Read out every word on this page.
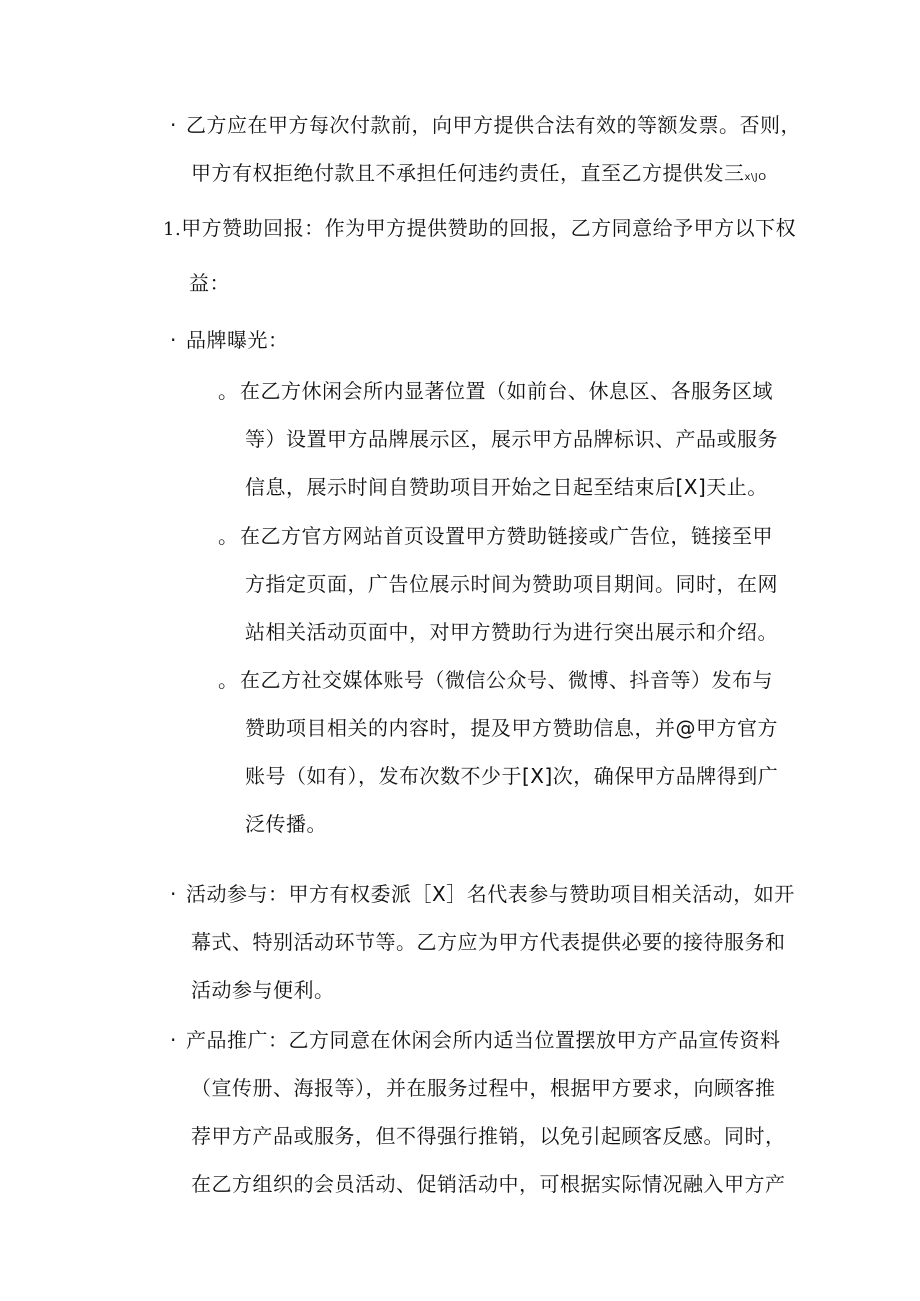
· 乙方应在甲方每次付款前，向甲方提供合法有效的等额发票。否则，
甲方有权拒绝付款且不承担任何违约责任，直至乙方提供发三x\JO
1.甲方赞助回报：作为甲方提供赞助的回报，乙方同意给予甲方以下权
益：
· 品牌曝光：
。在乙方休闲会所内显著位置（如前台、休息区、各服务区域
等）设置甲方品牌展示区，展示甲方品牌标识、产品或服务
信息，展示时间自赞助项目开始之日起至结束后[X]天止。
。在乙方官方网站首页设置甲方赞助链接或广告位，链接至甲
方指定页面，广告位展示时间为赞助项目期间。同时，在网
站相关活动页面中，对甲方赞助行为进行突出展示和介绍。
。在乙方社交媒体账号（微信公众号、微博、抖音等）发布与
赞助项目相关的内容时，提及甲方赞助信息，并@甲方官方
账号（如有），发布次数不少于[X]次，确保甲方品牌得到广
泛传播。
· 活动参与：甲方有权委派［X］名代表参与赞助项目相关活动，如开
幕式、特别活动环节等。乙方应为甲方代表提供必要的接待服务和
活动参与便利。
· 产品推广：乙方同意在休闲会所内适当位置摆放甲方产品宣传资料
（宣传册、海报等），并在服务过程中，根据甲方要求，向顾客推
荐甲方产品或服务，但不得强行推销，以免引起顾客反感。同时，
在乙方组织的会员活动、促销活动中，可根据实际情况融入甲方产
